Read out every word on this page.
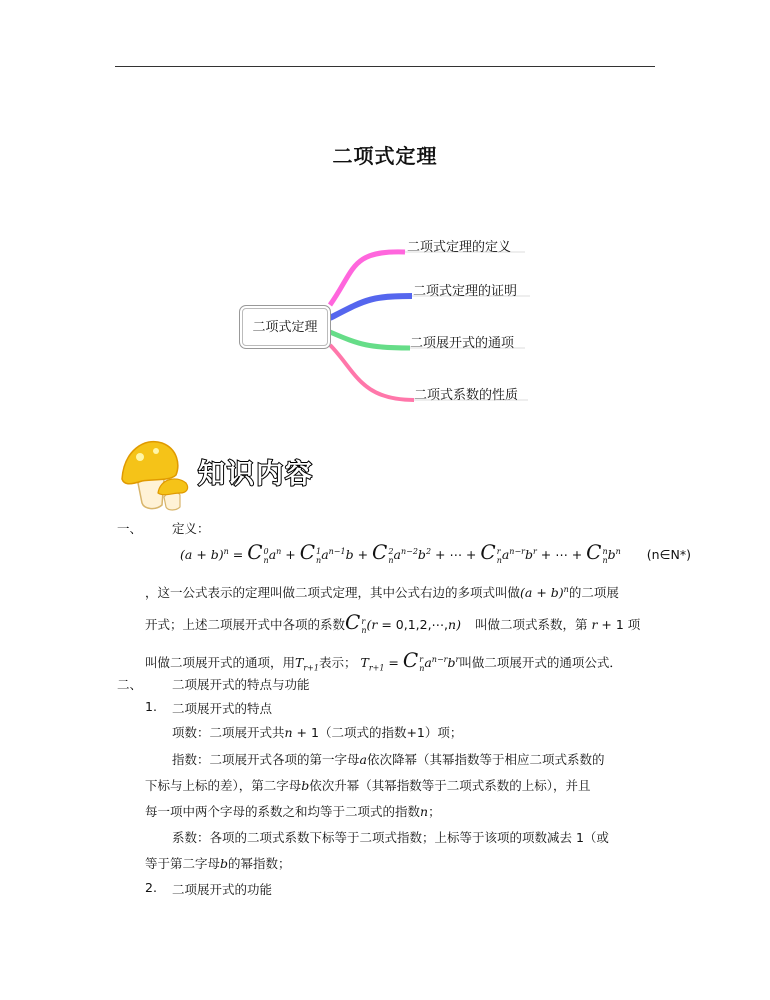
二项式定理
二项式定理
二项式定理的定义
二项式定理的证明
二项展开式的通项
二项式系数的性质
知识内容
一、 定义：
$(a + b)^n = C$ 0
n $a^n + C$ 1
n $a^{n-1}b + C$ 2
n $a^{n-2}b^2$ + ⋯ + C r
n $a^{n-r}b^r$ + ⋯ + C n
n $b^n$ (n∈N*)
，这一公式表示的定理叫做二项式定理，其中公式右边的多项式叫做$(a + b)^n$的二项展
开式；上述二项展开式中各项的系数C r
n (r = 0,1,2,⋯,n) 叫做二项式系数，第 r + 1 项
叫做二项展开式的通项，用$T_{r+1}$表示； $T_{r+1} = C$ r
n $a^{n-r}b^r$叫做二项展开式的通项公式．
二、 二项展开式的特点与功能
1. 二项展开式的特点
项数：二项展开式共n + 1（二项式的指数+1）项；
指数：二项展开式各项的第一字母a依次降幂（其幂指数等于相应二项式系数的
下标与上标的差），第二字母b依次升幂（其幂指数等于二项式系数的上标），并且
每一项中两个字母的系数之和均等于二项式的指数n；
系数：各项的二项式系数下标等于二项式指数；上标等于该项的项数减去 1（或
等于第二字母b的幂指数；
2. 二项展开式的功能
